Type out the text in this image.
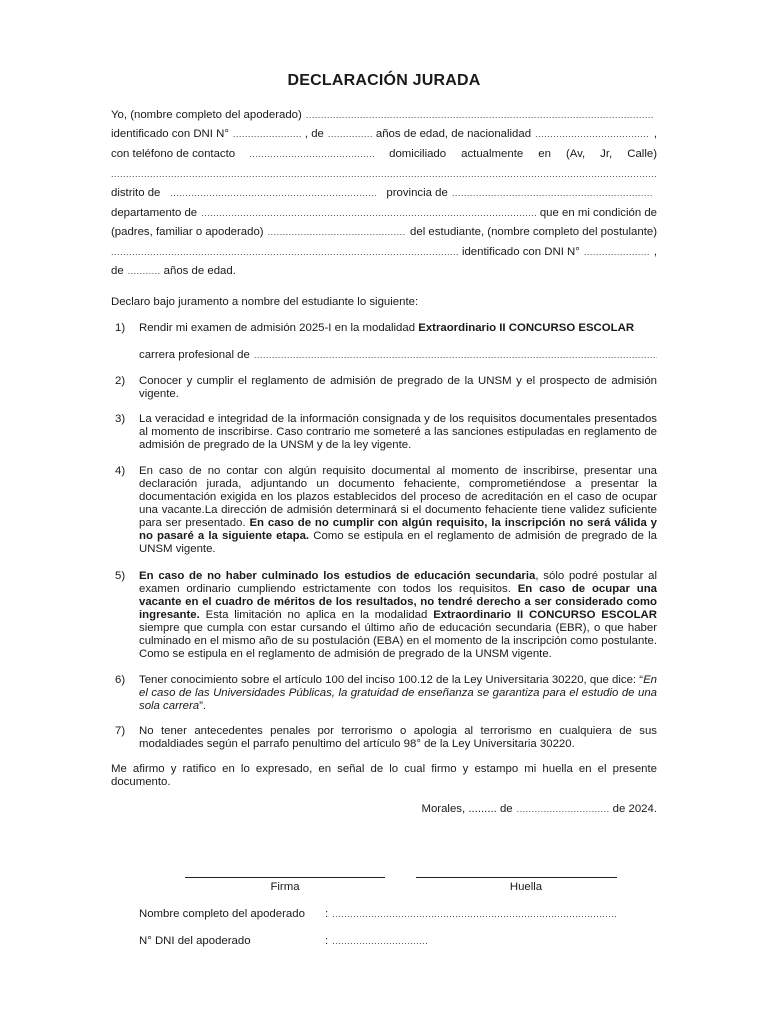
DECLARACIÓN JURADA
Yo, (nombre completo del apoderado)
.....
identificado con DNI N° .....	, de .....	años de edad, de nacionalidad .....	,
con teléfono de contacto .....	domiciliado actualmente en (Av, Jr, Calle)
.....
distrito de .....	provincia de
.....
departamento de .....	que en mi condición de
(padres, familiar o apoderado) .....	del estudiante, (nombre completo del postulante)
.....
identificado con DNI N° .....	,
de .....	años de edad.
Declaro bajo juramento a nombre del estudiante lo siguiente:
1) Rendir mi examen de admisión 2025-I en la modalidad Extraordinario II CONCURSO ESCOLAR
carrera profesional de
.....
2) Conocer y cumplir el reglamento de admisión de pregrado de la UNSM y el prospecto de admisión vigente.
3) La veracidad e integridad de la información consignada y de los requisitos documentales presentados al momento de inscribirse. Caso contrario me someteré a las sanciones estipuladas en reglamento de admisión de pregrado de la UNSM y de la ley vigente.
4) En caso de no contar con algún requisito documental al momento de inscribirse, presentar una declaración jurada, adjuntando un documento fehaciente, comprometiéndose a presentar la documentación exigida en los plazos establecidos del proceso de acreditación en el caso de ocupar una vacante.La dirección de admisión determinará si el documento fehaciente tiene validez suficiente para ser presentado. En caso de no cumplir con algún requisito, la inscripción no será válida y no pasaré a la siguiente etapa. Como se estipula en el reglamento de admisión de pregrado de la UNSM vigente.
5) En caso de no haber culminado los estudios de educación secundaria, sólo podré postular al examen ordinario cumpliendo estrictamente con todos los requisitos. En caso de ocupar una vacante en el cuadro de méritos de los resultados, no tendré derecho a ser considerado como ingresante. Esta limitación no aplica en la modalidad Extraordinario II CONCURSO ESCOLAR siempre que cumpla con estar cursando el último año de educación secundaria (EBR), o que haber culminado en el mismo año de su postulación (EBA) en el momento de la inscripción como postulante. Como se estipula en el reglamento de admisión de pregrado de la UNSM vigente.
6) Tener conocimiento sobre el artículo 100 del inciso 100.12 de la Ley Universitaria 30220, que dice: “En el caso de las Universidades Públicas, la gratuidad de enseñanza se garantiza para el estudio de una sola carrera”.
7) No tener antecedentes penales por terrorismo o apologia al terrorismo en cualquiera de sus modaldiades según el parrafo penultimo del artículo 98° de la Ley Universitaria 30220.
Me afirmo y ratifico en lo expresado, en señal de lo cual firmo y estampo mi huella en el presente documento.
Morales, ......... de .....	de 2024.
Firma	Huella
Nombre completo del apoderado	:
.....
N° DNI del apoderado	:
.....
